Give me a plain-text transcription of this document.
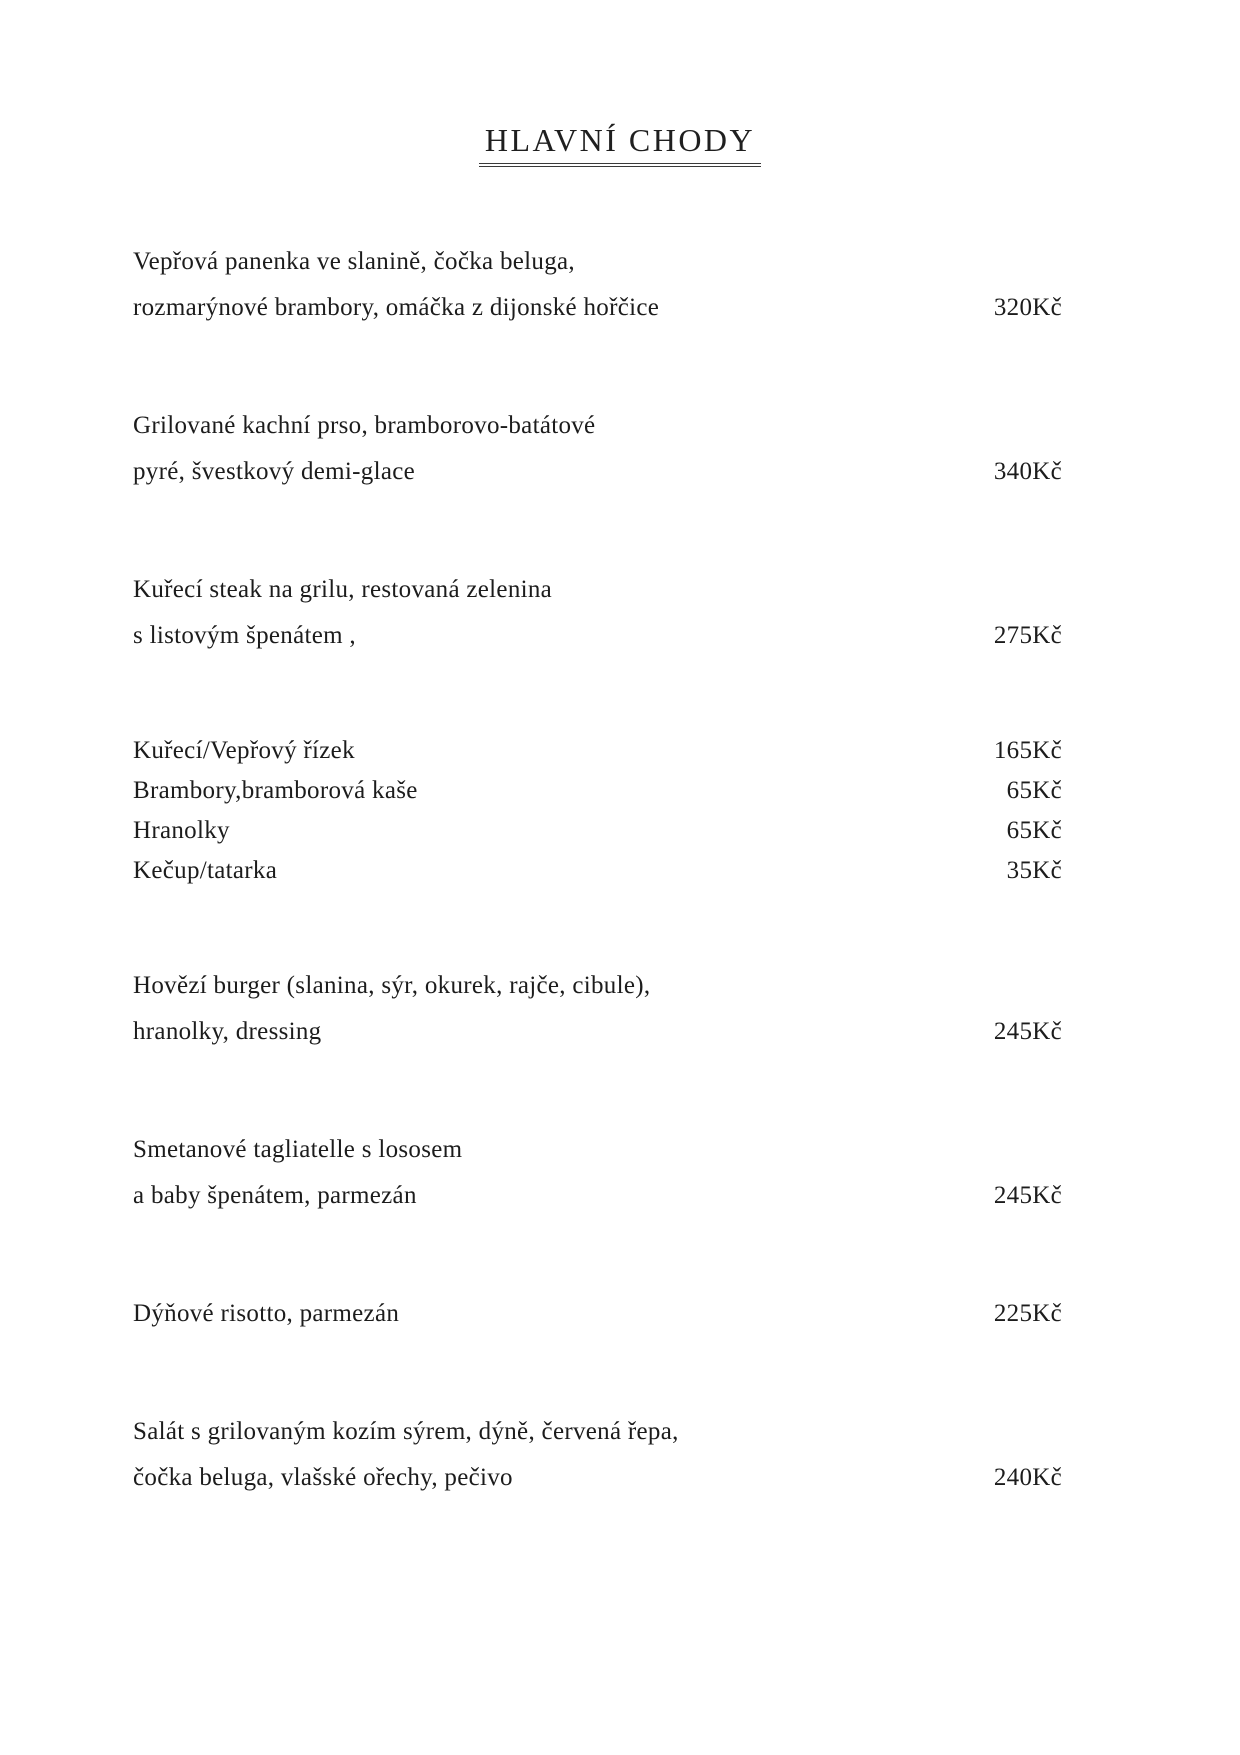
HLAVNÍ CHODY
Vepřová panenka ve slanině, čočka beluga,
rozmarýnové brambory, omáčka z dijonské hořčice	320Kč
Grilované kachní prso, bramborovo-batátové
pyré, švestkový demi-glace	340Kč
Kuřecí steak na grilu, restovaná zelenina
s listovým špenátem ,	275Kč
Kuřecí/Vepřový řízek	165Kč
Brambory,bramborová kaše	65Kč
Hranolky	65Kč
Kečup/tatarka	35Kč
Hovězí burger (slanina, sýr, okurek, rajče, cibule),
hranolky, dressing	245Kč
Smetanové tagliatelle s lososem
a baby špenátem, parmezán	245Kč
Dýňové risotto, parmezán	225Kč
Salát s grilovaným kozím sýrem, dýně, červená řepa,
čočka beluga, vlašské ořechy, pečivo	240Kč
